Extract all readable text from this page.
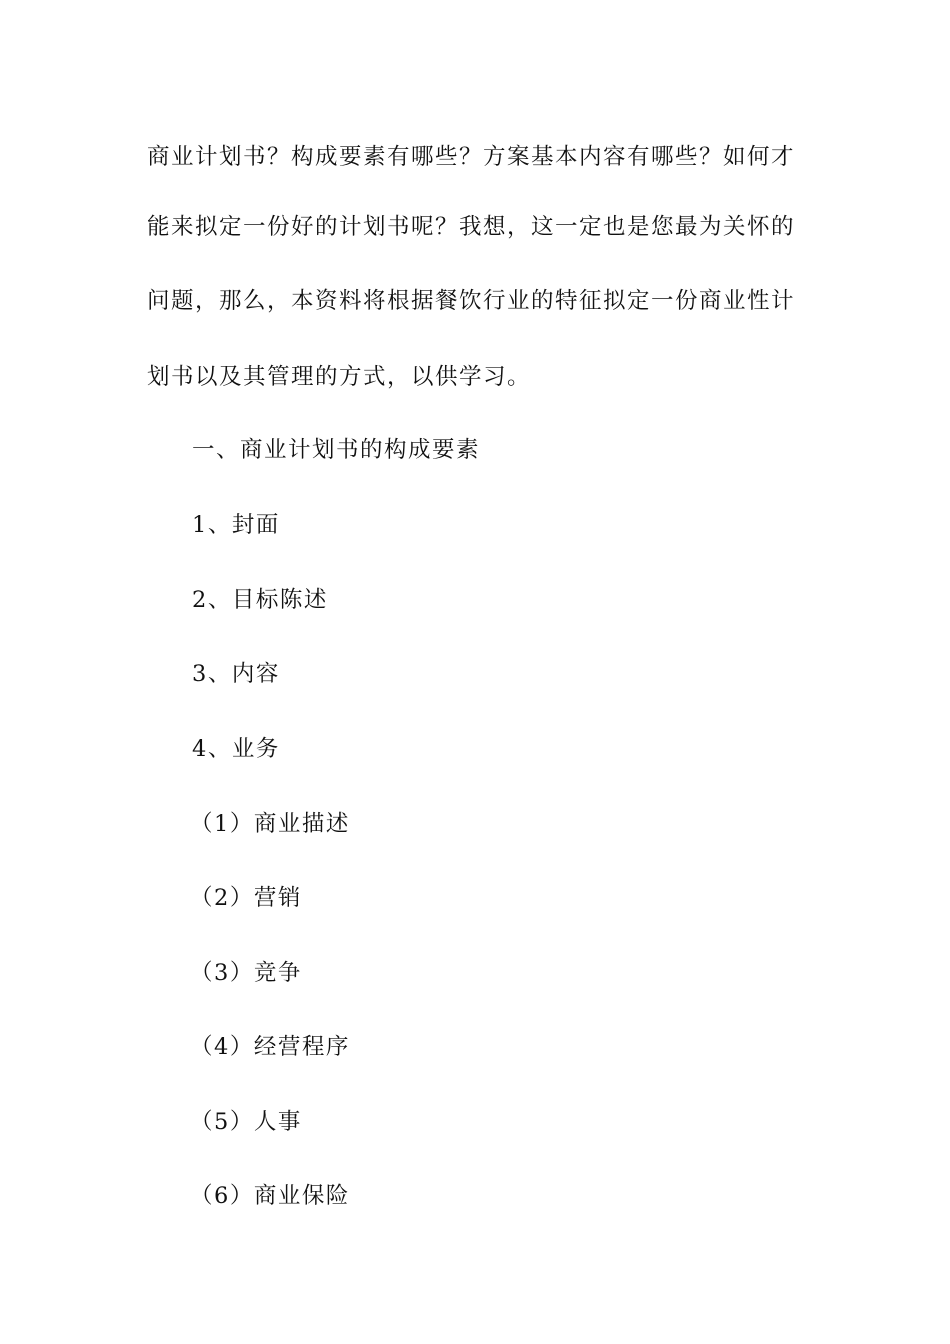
商业计划书？构成要素有哪些？方案基本内容有哪些？如何才
能来拟定一份好的计划书呢？我想，这一定也是您最为关怀的
问题，那么，本资料将根据餐饮行业的特征拟定一份商业性计
划书以及其管理的方式，以供学习。
一、商业计划书的构成要素
1、封面
2、目标陈述
3、内容
4、业务
（1）商业描述
（2）营销
（3）竞争
（4）经营程序
（5）人事
（6）商业保险
